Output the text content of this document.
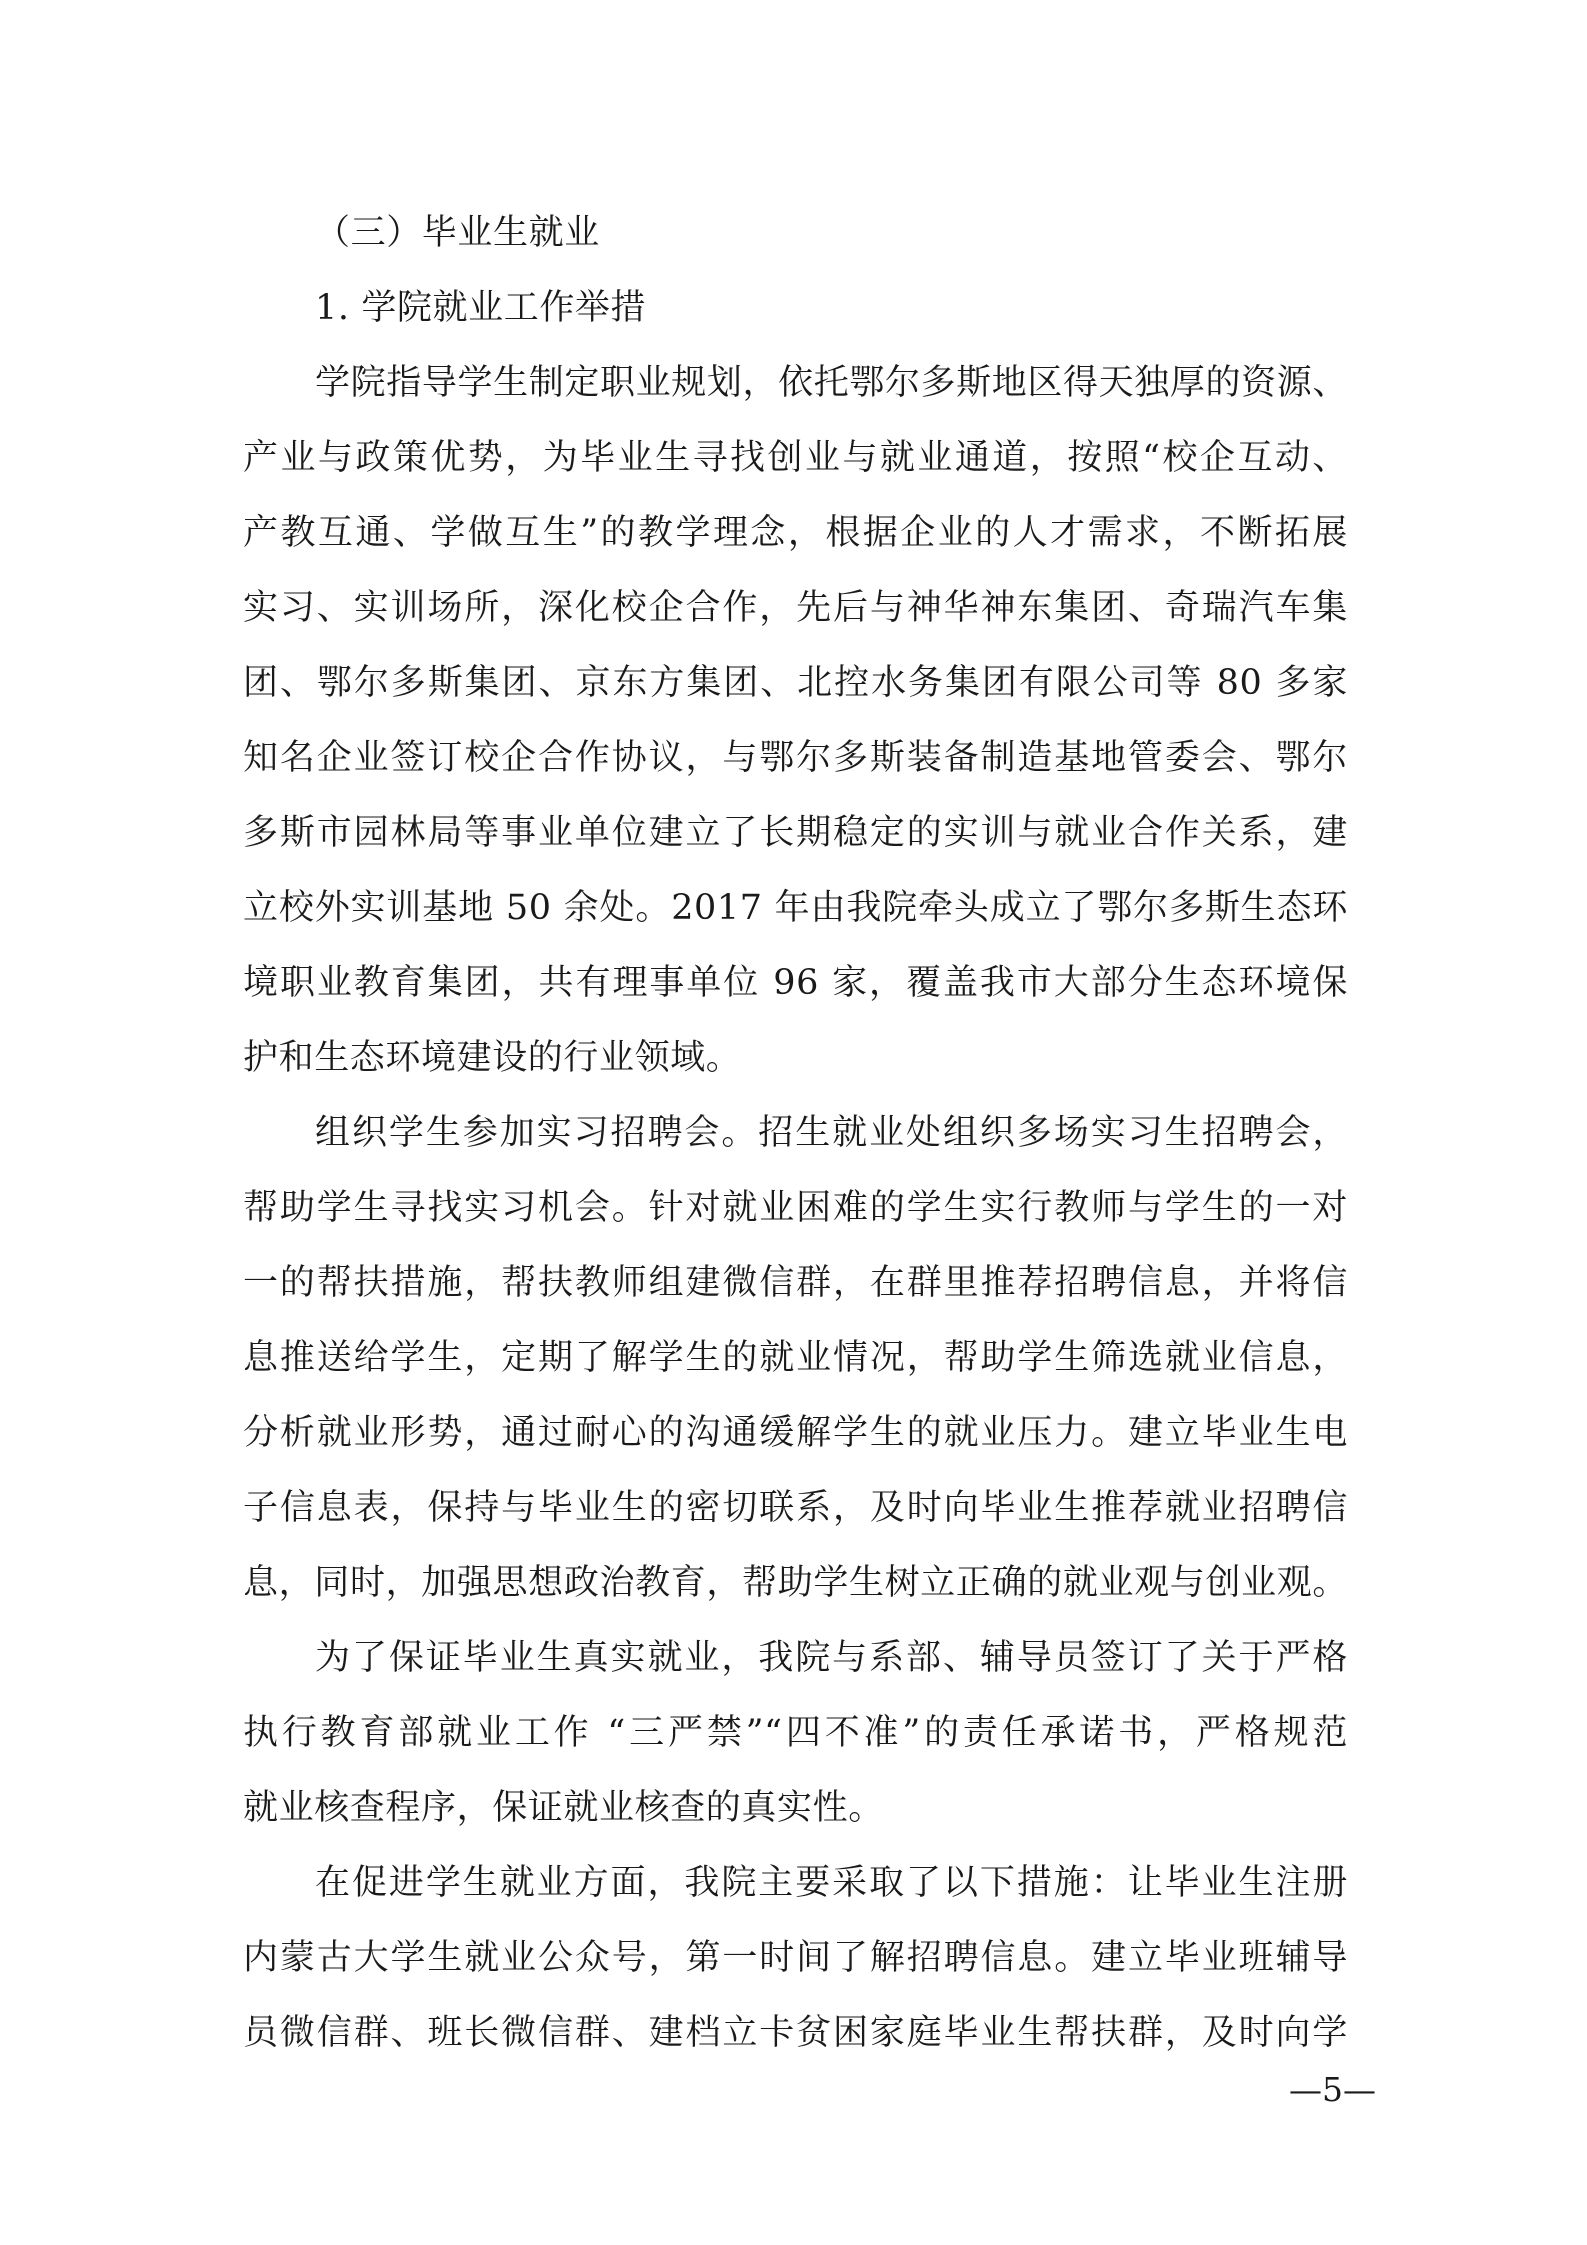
（三）毕业生就业
1. 学院就业工作举措
学院指导学生制定职业规划，依托鄂尔多斯地区得天独厚的资源、
产业与政策优势，为毕业生寻找创业与就业通道，按照“校企互动、
产教互通、学做互生”的教学理念，根据企业的人才需求，不断拓展
实习、实训场所，深化校企合作，先后与神华神东集团、奇瑞汽车集
团、鄂尔多斯集团、京东方集团、北控水务集团有限公司等 80 多家
知名企业签订校企合作协议，与鄂尔多斯装备制造基地管委会、鄂尔
多斯市园林局等事业单位建立了长期稳定的实训与就业合作关系，建
立校外实训基地 50 余处。2017 年由我院牵头成立了鄂尔多斯生态环
境职业教育集团，共有理事单位 96 家，覆盖我市大部分生态环境保
护和生态环境建设的行业领域。
组织学生参加实习招聘会。招生就业处组织多场实习生招聘会，
帮助学生寻找实习机会。针对就业困难的学生实行教师与学生的一对
一的帮扶措施，帮扶教师组建微信群，在群里推荐招聘信息，并将信
息推送给学生，定期了解学生的就业情况，帮助学生筛选就业信息，
分析就业形势，通过耐心的沟通缓解学生的就业压力。建立毕业生电
子信息表，保持与毕业生的密切联系，及时向毕业生推荐就业招聘信
息，同时，加强思想政治教育，帮助学生树立正确的就业观与创业观。
为了保证毕业生真实就业，我院与系部、辅导员签订了关于严格
执行教育部就业工作 “三严禁”“四不准”的责任承诺书，严格规范
就业核查程序，保证就业核查的真实性。
在促进学生就业方面，我院主要采取了以下措施：让毕业生注册
内蒙古大学生就业公众号，第一时间了解招聘信息。建立毕业班辅导
员微信群、班长微信群、建档立卡贫困家庭毕业生帮扶群，及时向学
—5—
